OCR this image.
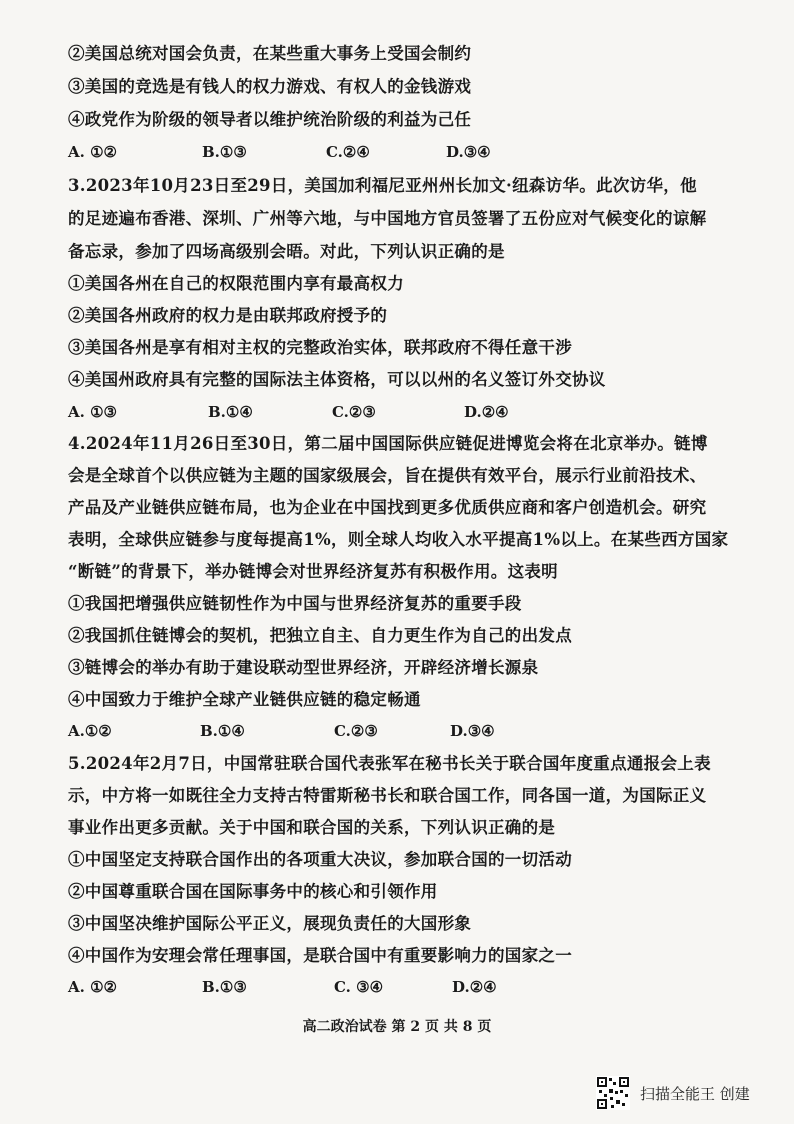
②美国总统对国会负责，在某些重大事务上受国会制约
③美国的竞选是有钱人的权力游戏、有权人的金钱游戏
④政党作为阶级的领导者以维护统治阶级的利益为己任
A. ①②	B.①③	C.②④	D.③④
3.2023年10月23日至29日，美国加利福尼亚州州长加文·纽森访华。此次访华，他
的足迹遍布香港、深圳、广州等六地，与中国地方官员签署了五份应对气候变化的谅解
备忘录，参加了四场高级别会晤。对此，下列认识正确的是
①美国各州在自己的权限范围内享有最高权力
②美国各州政府的权力是由联邦政府授予的
③美国各州是享有相对主权的完整政治实体，联邦政府不得任意干涉
④美国州政府具有完整的国际法主体资格，可以以州的名义签订外交协议
A. ①③	B.①④	C.②③	D.②④
4.2024年11月26日至30日，第二届中国国际供应链促进博览会将在北京举办。链博
会是全球首个以供应链为主题的国家级展会，旨在提供有效平台，展示行业前沿技术、
产品及产业链供应链布局，也为企业在中国找到更多优质供应商和客户创造机会。研究
表明，全球供应链参与度每提高1%，则全球人均收入水平提高1%以上。在某些西方国家
“断链”的背景下，举办链博会对世界经济复苏有积极作用。这表明
①我国把增强供应链韧性作为中国与世界经济复苏的重要手段
②我国抓住链博会的契机，把独立自主、自力更生作为自己的出发点
③链博会的举办有助于建设联动型世界经济，开辟经济增长源泉
④中国致力于维护全球产业链供应链的稳定畅通
A.①②	B.①④	C.②③	D.③④
5.2024年2月7日，中国常驻联合国代表张军在秘书长关于联合国年度重点通报会上表
示，中方将一如既往全力支持古特雷斯秘书长和联合国工作，同各国一道，为国际正义
事业作出更多贡献。关于中国和联合国的关系，下列认识正确的是
①中国坚定支持联合国作出的各项重大决议，参加联合国的一切活动
②中国尊重联合国在国际事务中的核心和引领作用
③中国坚决维护国际公平正义，展现负责任的大国形象
④中国作为安理会常任理事国，是联合国中有重要影响力的国家之一
A. ①②	B.①③	C. ③④	D.②④
高二政治试卷 第 2 页 共 8 页
扫描全能王 创建
